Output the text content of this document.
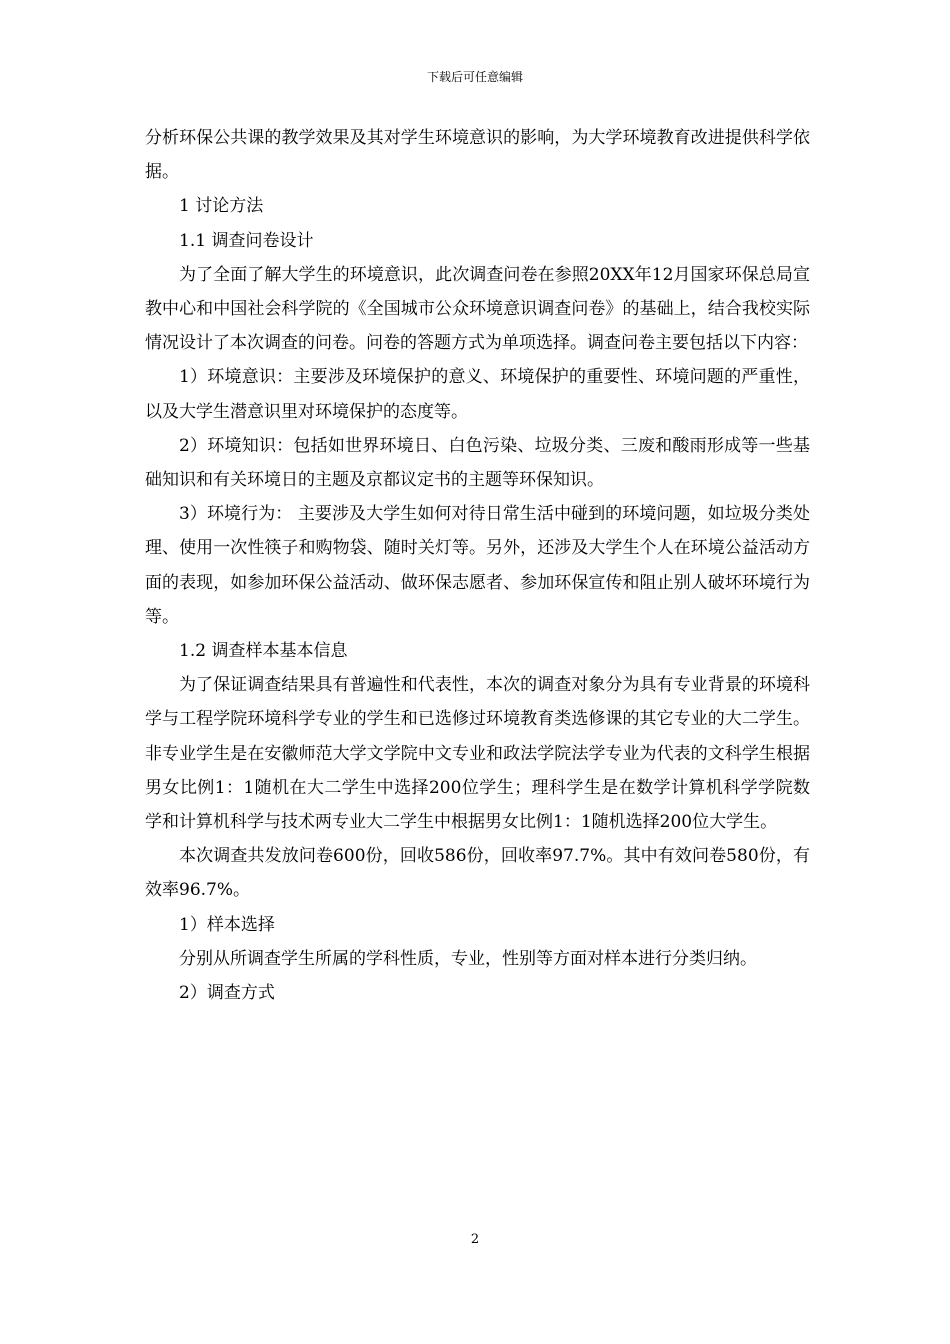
下载后可任意编辑

分析环保公共课的教学效果及其对学生环境意识的影响，为大学环境教育改进提供科学依据。

1 讨论方法

1.1 调查问卷设计

为了全面了解大学生的环境意识，此次调查问卷在参照20XX年12月国家环保总局宣教中心和中国社会科学院的《全国城市公众环境意识调查问卷》的基础上，结合我校实际情况设计了本次调查的问卷。问卷的答题方式为单项选择。调查问卷主要包括以下内容：

1）环境意识：主要涉及环境保护的意义、环境保护的重要性、环境问题的严重性，以及大学生潜意识里对环境保护的态度等。

2）环境知识：包括如世界环境日、白色污染、垃圾分类、三废和酸雨形成等一些基础知识和有关环境日的主题及京都议定书的主题等环保知识。

3）环境行为： 主要涉及大学生如何对待日常生活中碰到的环境问题，如垃圾分类处理、使用一次性筷子和购物袋、随时关灯等。另外，还涉及大学生个人在环境公益活动方面的表现，如参加环保公益活动、做环保志愿者、参加环保宣传和阻止别人破坏环境行为等。

1.2 调查样本基本信息

为了保证调查结果具有普遍性和代表性，本次的调查对象分为具有专业背景的环境科学与工程学院环境科学专业的学生和已选修过环境教育类选修课的其它专业的大二学生。非专业学生是在安徽师范大学文学院中文专业和政法学院法学专业为代表的文科学生根据男女比例1：1随机在大二学生中选择200位学生；理科学生是在数学计算机科学学院数学和计算机科学与技术两专业大二学生中根据男女比例1：1随机选择200位大学生。

本次调查共发放问卷600份，回收586份，回收率97.7%。其中有效问卷580份，有效率96.7%。

1）样本选择

分别从所调查学生所属的学科性质，专业，性别等方面对样本进行分类归纳。

2）调查方式

2
